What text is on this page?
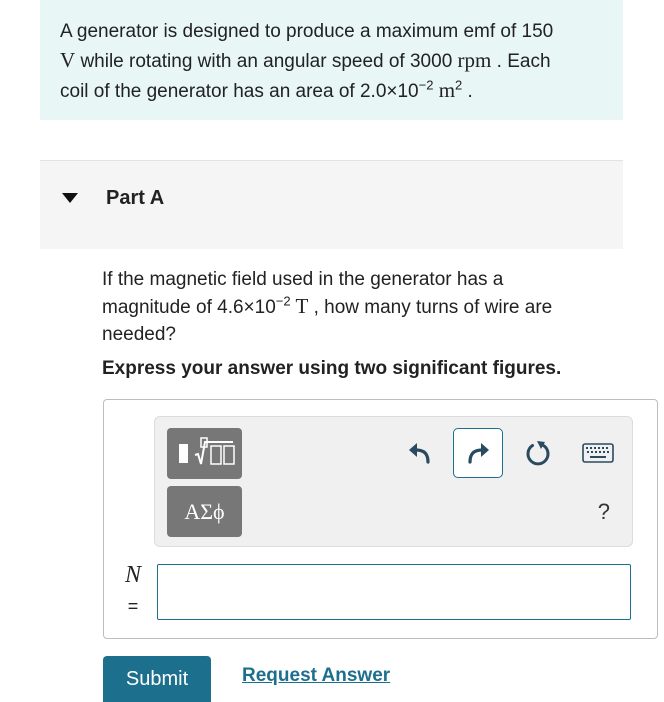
A generator is designed to produce a maximum emf of 150
V while rotating with an angular speed of 3000 rpm . Each
coil of the generator has an area of $2.0\times 10^{-2}$ $m^2$ .
Part A
If the magnetic field used in the generator has a
magnitude of $4.6\times 10^{-2}$ T , how many turns of wire are
needed?
Express your answer using two significant figures.
ΑΣϕ	?
N
=
Submit	Request Answer
